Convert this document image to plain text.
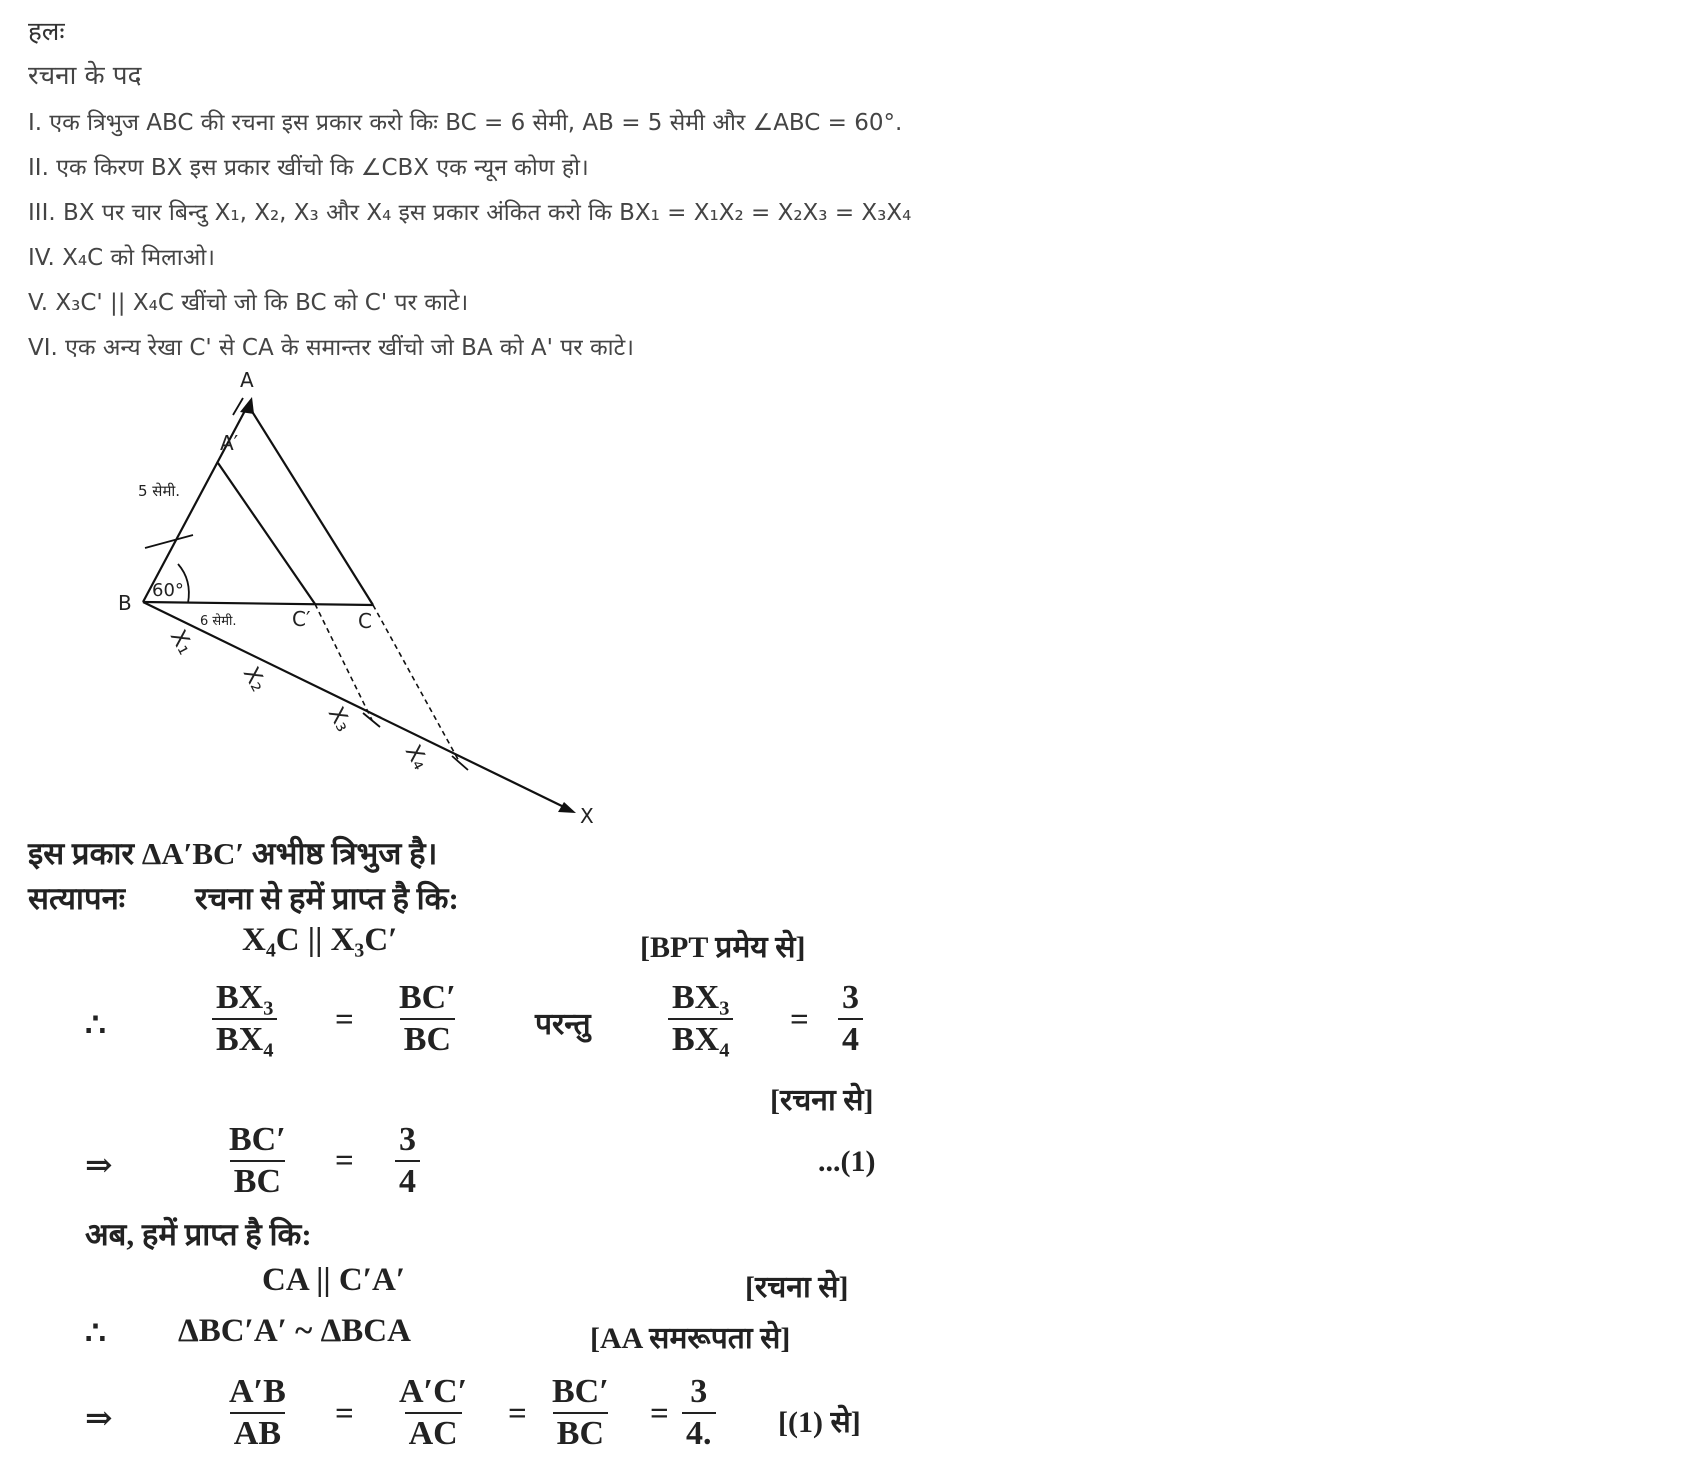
हलः
रचना के पद
I. एक त्रिभुज ABC की रचना इस प्रकार करो किः BC = 6 सेमी, AB = 5 सेमी और ∠ABC = 60°.
II. एक किरण BX इस प्रकार खींचो कि ∠CBX एक न्यून कोण हो।
III. BX पर चार बिन्दु X₁, X₂, X₃ और X₄ इस प्रकार अंकित करो कि BX₁ = X₁X₂ = X₂X₃ = X₃X₄
IV. X₄C को मिलाओ।
V. X₃C' || X₄C खींचो जो कि BC को C' पर काटे।
VI. एक अन्य रेखा C' से CA के समान्तर खींचो जो BA को A' पर काटे।
A
A′
B
C′ C
X
5 सेमी.
6 सेमी.
60°
X₁
X₂
X₃
X₄
इस प्रकार ΔA′BC′ अभीष्ठ त्रिभुज है।
सत्यापनः रचना से हमें प्राप्त है कि:
X₄C || X₃C′	[BPT प्रमेय से]
∴	$\frac{\text{BX₃}}{\text{BX₄}} = \frac{BC'}{BC}$	परन्तु $\frac{\text{BX₃}}{\text{BX₄}} = \frac{3}{4}$
[रचना से]
⇒	$\frac{BC'}{BC} = \frac{3}{4}$	...(1)
अब, हमें प्राप्त है कि:
CA || C′A′	[रचना से]
∴ ΔBC′A′ ~ ΔBCA	[AA समरूपता से]
⇒	$\frac{A'B}{AB} = \frac{A'C'}{AC} = \frac{BC'}{BC} = \frac{3}{4.} [(1)$ से]
